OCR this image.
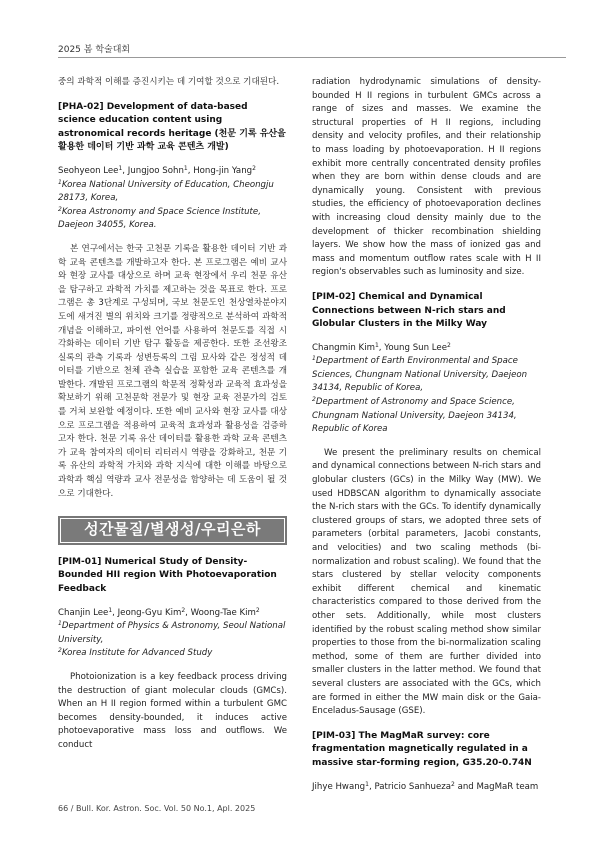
2025 봄 학술대회
중의 과학적 이해를 증진시키는 데 기여할 것으로 기대된다.
[PHA-02] Development of data-based science education content using astronomical records heritage (천문 기록 유산을 활용한 데이터 기반 과학 교육 콘텐츠 개발)
Seohyeon Lee$^1$, Jungjoo Sohn$^1$, Hong-jin Yang$^2$
$^1$Korea National University of Education, Cheongju 28173, Korea,
$^2$Korea Astronomy and Space Science Institute, Daejeon 34055, Korea.
본 연구에서는 한국 고천문 기록을 활용한 데이터 기반 과학 교육 콘텐츠를 개발하고자 한다. 본 프로그램은 예비 교사와 현장 교사를 대상으로 하며 교육 현장에서 우리 천문 유산을 탐구하고 과학적 가치를 제고하는 것을 목표로 한다. 프로그램은 총 3단계로 구성되며, 국보 천문도인 천상열차분야지도에 새겨진 별의 위치와 크기를 정량적으로 분석하여 과학적 개념을 이해하고, 파이썬 언어를 사용하여 천문도를 직접 시각화하는 데이터 기반 탐구 활동을 제공한다. 또한 조선왕조실록의 관측 기록과 성변등록의 그림 묘사와 같은 정성적 데이터를 기반으로 천체 관측 실습을 포함한 교육 콘텐츠를 개발한다. 개발된 프로그램의 학문적 정확성과 교육적 효과성을 확보하기 위해 고천문학 전문가 및 현장 교육 전문가의 검토를 거쳐 보완할 예정이다. 또한 예비 교사와 현장 교사를 대상으로 프로그램을 적용하여 교육적 효과성과 활용성을 검증하고자 한다. 천문 기록 유산 데이터를 활용한 과학 교육 콘텐츠가 교육 참여자의 데이터 리터러시 역량을 강화하고, 천문 기록 유산의 과학적 가치와 과학 지식에 대한 이해를 바탕으로 과학과 핵심 역량과 교사 전문성을 함양하는 데 도움이 될 것으로 기대한다.
성간물질/별생성/우리은하
[PIM-01] Numerical Study of Density-Bounded HII region With Photoevaporation Feedback
Chanjin Lee$^1$, Jeong-Gyu Kim$^2$, Woong-Tae Kim$^2$
$^1$Department of Physics & Astronomy, Seoul National University,
$^2$Korea Institute for Advanced Study
Photoionization is a key feedback process driving the destruction of giant molecular clouds (GMCs). When an H II region formed within a turbulent GMC becomes density-bounded, it induces active photoevaporative mass loss and outflows. We conduct
radiation hydrodynamic simulations of density-bounded H II regions in turbulent GMCs across a range of sizes and masses. We examine the structural properties of H II regions, including density and velocity profiles, and their relationship to mass loading by photoevaporation. H II regions exhibit more centrally concentrated density profiles when they are born within dense clouds and are dynamically young. Consistent with previous studies, the efficiency of photoevaporation declines with increasing cloud density mainly due to the development of thicker recombination shielding layers. We show how the mass of ionized gas and mass and momentum outflow rates scale with H II region's observables such as luminosity and size.
[PIM-02] Chemical and Dynamical Connections between N-rich stars and Globular Clusters in the Milky Way
Changmin Kim$^1$, Young Sun Lee$^2$
$^1$Department of Earth Environmental and Space Sciences, Chungnam National University, Daejeon 34134, Republic of Korea,
$^2$Department of Astronomy and Space Science, Chungnam National University, Daejeon 34134, Republic of Korea
We present the preliminary results on chemical and dynamical connections between N-rich stars and globular clusters (GCs) in the Milky Way (MW). We used HDBSCAN algorithm to dynamically associate the N-rich stars with the GCs. To identify dynamically clustered groups of stars, we adopted three sets of parameters (orbital parameters, Jacobi constants, and velocities) and two scaling methods (bi-normalization and robust scaling). We found that the stars clustered by stellar velocity components exhibit different chemical and kinematic characteristics compared to those derived from the other sets. Additionally, while most clusters identified by the robust scaling method show similar properties to those from the bi-normalization scaling method, some of them are further divided into smaller clusters in the latter method. We found that several clusters are associated with the GCs, which are formed in either the MW main disk or the Gaia-Enceladus-Sausage (GSE).
[PIM-03] The MagMaR survey: core fragmentation magnetically regulated in a massive star-forming region, G35.20-0.74N
Jihye Hwang$^1$, Patricio Sanhueza$^2$ and MagMaR team
66 / Bull. Kor. Astron. Soc. Vol. 50 No.1, Apl. 2025
